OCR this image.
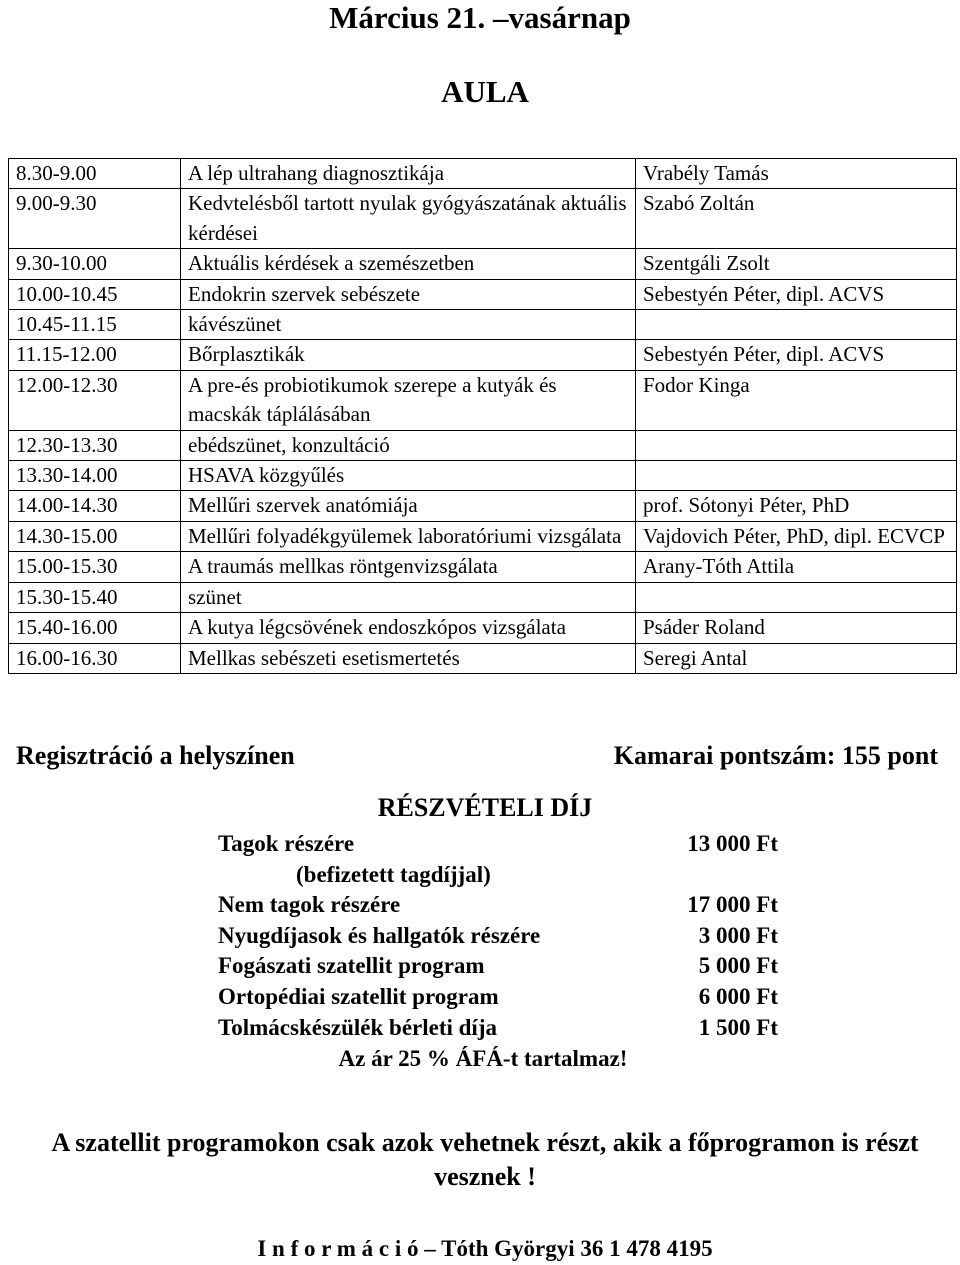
Március 21. –vasárnap
AULA
8.30-9.00	A lép ultrahang diagnosztikája	Vrabély Tamás
9.00-9.30	Kedvtelésből tartott nyulak gyógyászatának aktuális kérdései	Szabó Zoltán
9.30-10.00	Aktuális kérdések a szemészetben	Szentgáli Zsolt
10.00-10.45	Endokrin szervek sebészete	Sebestyén Péter, dipl. ACVS
10.45-11.15	kávészünet	
11.15-12.00	Bőrplasztikák	Sebestyén Péter, dipl. ACVS
12.00-12.30	A pre-és probiotikumok szerepe a kutyák és macskák táplálásában	Fodor Kinga
12.30-13.30	ebédszünet, konzultáció	
13.30-14.00	HSAVA közgyűlés	
14.00-14.30	Mellűri szervek anatómiája	prof. Sótonyi Péter, PhD
14.30-15.00	Mellűri folyadékgyülemek laboratóriumi vizsgálata	Vajdovich Péter, PhD, dipl. ECVCP
15.00-15.30	A traumás mellkas röntgenvizsgálata	Arany-Tóth Attila
15.30-15.40	szünet	
15.40-16.00	A kutya légcsövének endoszkópos vizsgálata	Psáder Roland
16.00-16.30	Mellkas sebészeti esetismertetés	Seregi Antal
Regisztráció a helyszínen	Kamarai pontszám: 155 pont
RÉSZVÉTELI DÍJ
Tagok részére	13 000 Ft
(befizetett tagdíjjal)
Nem tagok részére	17 000 Ft
Nyugdíjasok és hallgatók részére	3 000 Ft
Fogászati szatellit program	5 000 Ft
Ortopédiai szatellit program	6 000 Ft
Tolmácskészülék bérleti díja	1 500 Ft
Az ár 25 % ÁFÁ-t tartalmaz!
A szatellit programokon csak azok vehetnek részt, akik a főprogramon is részt vesznek !
I n f o r m á c i ó – Tóth Györgyi 36 1 478 4195
